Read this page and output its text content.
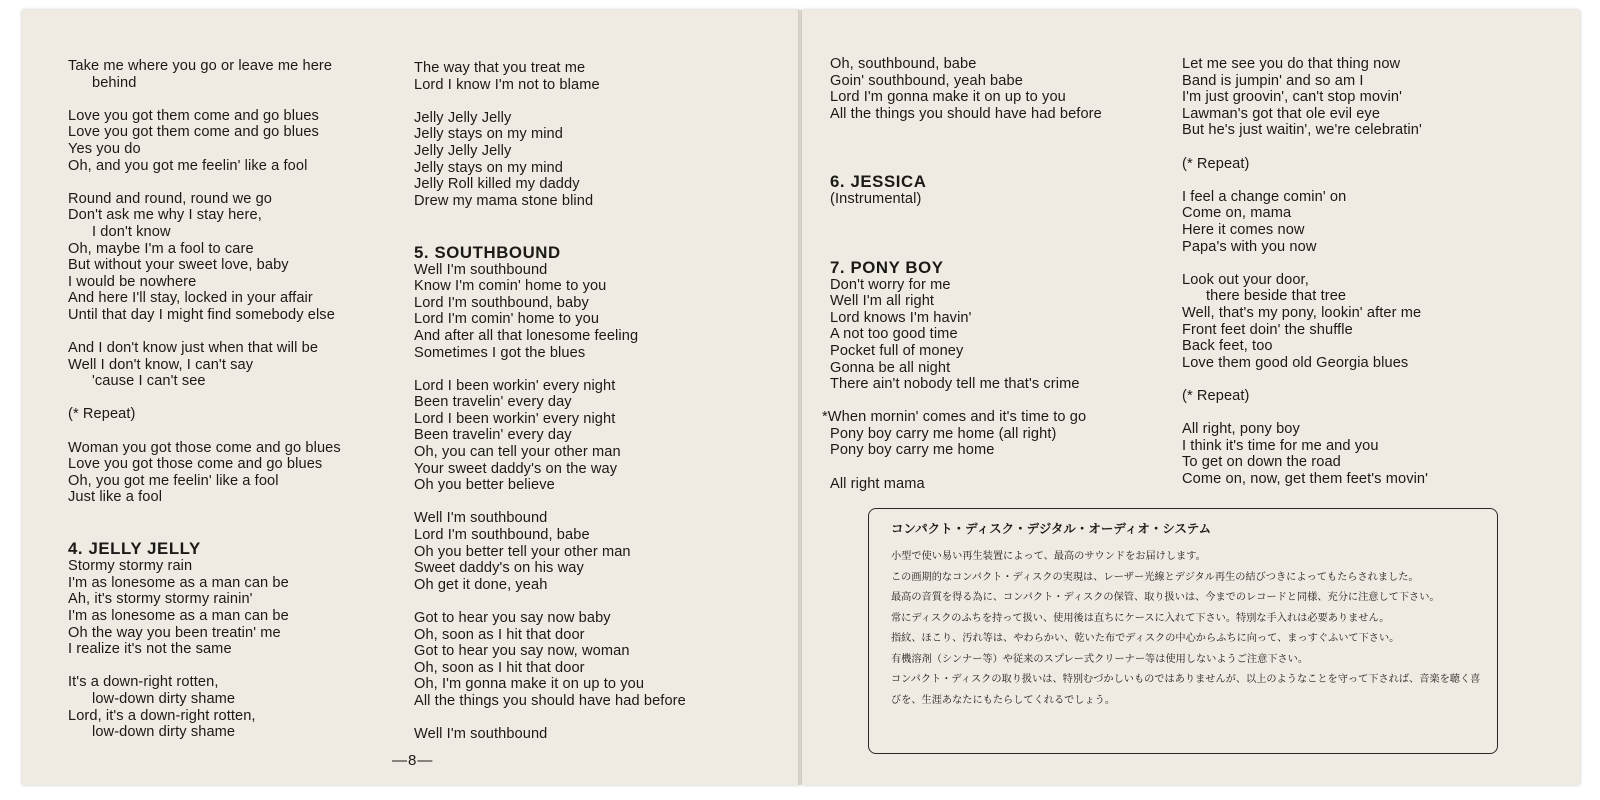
Take me where you go or leave me here
behind
Love you got them come and go blues
Love you got them come and go blues
Yes you do
Oh, and you got me feelin' like a fool
Round and round, round we go
Don't ask me why I stay here,
I don't know
Oh, maybe I'm a fool to care
But without your sweet love, baby
I would be nowhere
And here I'll stay, locked in your affair
Until that day I might find somebody else
And I don't know just when that will be
Well I don't know, I can't say
'cause I can't see
(* Repeat)
Woman you got those come and go blues
Love you got those come and go blues
Oh, you got me feelin' like a fool
Just like a fool
4. JELLY JELLY
Stormy stormy rain
I'm as lonesome as a man can be
Ah, it's stormy stormy rainin'
I'm as lonesome as a man can be
Oh the way you been treatin' me
I realize it's not the same
It's a down-right rotten,
low-down dirty shame
Lord, it's a down-right rotten,
low-down dirty shame
The way that you treat me
Lord I know I'm not to blame
Jelly Jelly Jelly
Jelly stays on my mind
Jelly Jelly Jelly
Jelly stays on my mind
Jelly Roll killed my daddy
Drew my mama stone blind
5. SOUTHBOUND
Well I'm southbound
Know I'm comin' home to you
Lord I'm southbound, baby
Lord I'm comin' home to you
And after all that lonesome feeling
Sometimes I got the blues
Lord I been workin' every night
Been travelin' every day
Lord I been workin' every night
Been travelin' every day
Oh, you can tell your other man
Your sweet daddy's on the way
Oh you better believe
Well I'm southbound
Lord I'm southbound, babe
Oh you better tell your other man
Sweet daddy's on his way
Oh get it done, yeah
Got to hear you say now baby
Oh, soon as I hit that door
Got to hear you say now, woman
Oh, soon as I hit that door
Oh, I'm gonna make it on up to you
All the things you should have had before
Well I'm southbound
—8—
Oh, southbound, babe
Goin' southbound, yeah babe
Lord I'm gonna make it on up to you
All the things you should have had before
6. JESSICA
(Instrumental)
7. PONY BOY
Don't worry for me
Well I'm all right
Lord knows I'm havin'
A not too good time
Pocket full of money
Gonna be all night
There ain't nobody tell me that's crime
*When mornin' comes and it's time to go
Pony boy carry me home (all right)
Pony boy carry me home
All right mama
Let me see you do that thing now
Band is jumpin' and so am I
I'm just groovin', can't stop movin'
Lawman's got that ole evil eye
But he's just waitin', we're celebratin'
(* Repeat)
I feel a change comin' on
Come on, mama
Here it comes now
Papa's with you now
Look out your door,
there beside that tree
Well, that's my pony, lookin' after me
Front feet doin' the shuffle
Back feet, too
Love them good old Georgia blues
(* Repeat)
All right, pony boy
I think it's time for me and you
To get on down the road
Come on, now, get them feet's movin'
コンパクト・ディスク・デジタル・オーディオ・システム
小型で使い易い再生装置によって、最高のサウンドをお届けします。
この画期的なコンパクト・ディスクの実現は、レーザー光線とデジタル再生の結びつきによってもたらされました。
最高の音質を得る為に、コンパクト・ディスクの保管、取り扱いは、今までのレコードと同様、充分に注意して下さい。
常にディスクのふちを持って扱い、使用後は直ちにケースに入れて下さい。特別な手入れは必要ありません。
指紋、ほこり、汚れ等は、やわらかい、乾いた布でディスクの中心からふちに向って、まっすぐふいて下さい。
有機溶剤（シンナー等）や従来のスプレー式クリーナー等は使用しないようご注意下さい。
コンパクト・ディスクの取り扱いは、特別むづかしいものではありませんが、以上のようなことを守って下されば、音楽を聴く喜びを、生涯あなたにもたらしてくれるでしょう。
